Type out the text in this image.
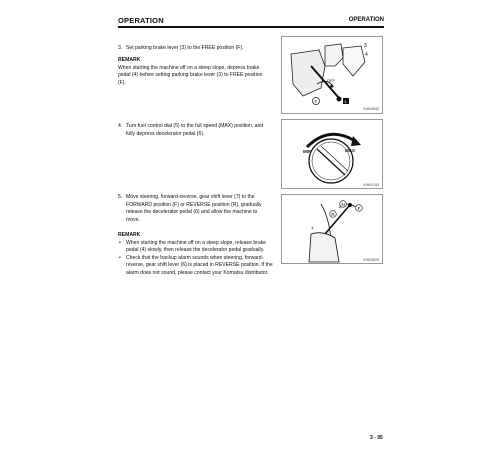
OPERATION	OPERATION
3. Set parking brake lever (3) to the FREE position (F).
REMARK
When starting the machine off on a steep slope, depress brake pedal (4) before setting parking brake lever (3) to FREE position (F).
3
4
OFF
F	L
9JH00842
4. Turn fuel control dial (5) to the full speed (MAX) position, and fully depress decelerator pedal (6).
MIN	MAX
9JH00153
5. Move steering, forward-reverse, gear shift lever (7) to the FORWARD position (F) or REVERSE position (R), gradually release the decelerator pedal (6) and allow the machine to move.
7
N
F
R
9JH00825
REMARK
• When starting the machine off on a steep slope, release brake pedal (4) slowly, then release the decelerator pedal gradually.
• Check that the backup alarm sounds when steering, forward-reverse, gear shift lever (6) is placed in REVERSE position. If the alarm does not sound, please contact your Komatsu distributor.
3 - 95
